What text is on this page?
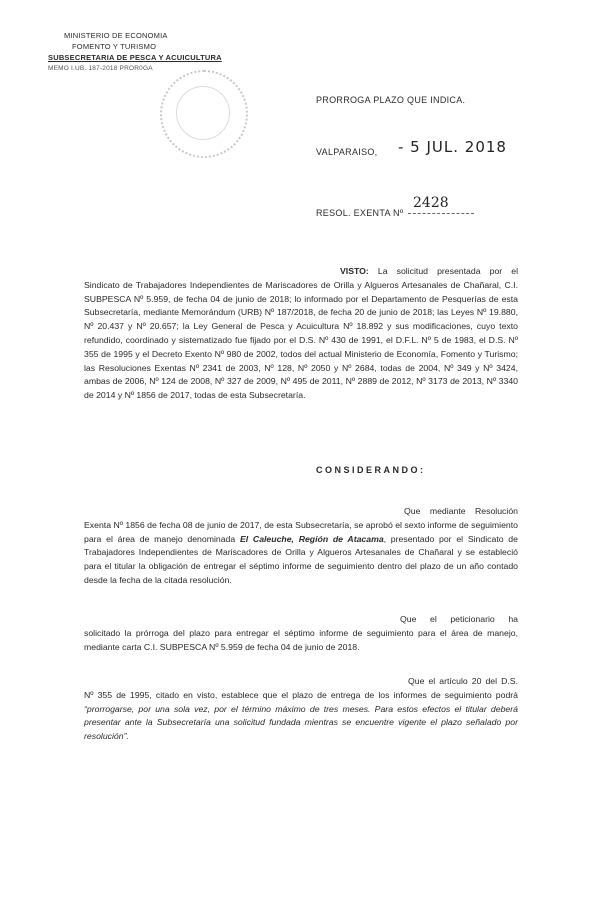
MINISTERIO DE ECONOMIA
FOMENTO Y TURISMO
SUBSECRETARIA DE PESCA Y ACUICULTURA
MEMO I.UB. 187-2018 PROR0GA
PRORROGA PLAZO QUE INDICA.
VALPARAISO, - 5 JUL. 2018
RESOL. EXENTA Nº
2428

VISTO: La solicitud presentada por el Sindicato de Trabajadores Independientes de Mariscadores de Orilla y Algueros Artesanales de Chañaral, C.I. SUBPESCA Nº 5.959, de fecha 04 de junio de 2018; lo informado por el Departamento de Pesquerías de esta Subsecretaría, mediante Memorándum (URB) Nº 187/2018, de fecha 20 de junio de 2018; las Leyes Nº 19.880, Nº 20.437 y Nº 20.657; la Ley General de Pesca y Acuicultura Nº 18.892 y sus modificaciones, cuyo texto refundido, coordinado y sistematizado fue fijado por el D.S. Nº 430 de 1991, el D.F.L. Nº 5 de 1983, el D.S. Nº 355 de 1995 y el Decreto Exento Nº 980 de 2002, todos del actual Ministerio de Economía, Fomento y Turismo; las Resoluciones Exentas Nº 2341 de 2003, Nº 128, Nº 2050 y Nº 2684, todas de 2004, Nº 349 y Nº 3424, ambas de 2006, Nº 124 de 2008, Nº 327 de 2009, Nº 495 de 2011, Nº 2889 de 2012, Nº 3173 de 2013, Nº 3340 de 2014 y Nº 1856 de 2017, todas de esta Subsecretaría.

CONSIDERANDO:

Que mediante Resolución Exenta Nº 1856 de fecha 08 de junio de 2017, de esta Subsecretaría, se aprobó el sexto informe de seguimiento para el área de manejo denominada El Caleuche, Región de Atacama, presentado por el Sindicato de Trabajadores Independientes de Mariscadores de Orilla y Algueros Artesanales de Chañaral y se estableció para el titular la obligación de entregar el séptimo informe de seguimiento dentro del plazo de un año contado desde la fecha de la citada resolución.

Que el peticionario ha solicitado la prórroga del plazo para entregar el séptimo informe de seguimiento para el área de manejo, mediante carta C.I. SUBPESCA Nº 5.959 de fecha 04 de junio de 2018.

Que el artículo 20 del D.S. Nº 355 de 1995, citado en visto, establece que el plazo de entrega de los informes de seguimiento podrá “prorrogarse, por una sola vez, por el término máximo de tres meses. Para estos efectos el titular deberá presentar ante la Subsecretaría una solicitud fundada mientras se encuentre vigente el plazo señalado por resolución”.
